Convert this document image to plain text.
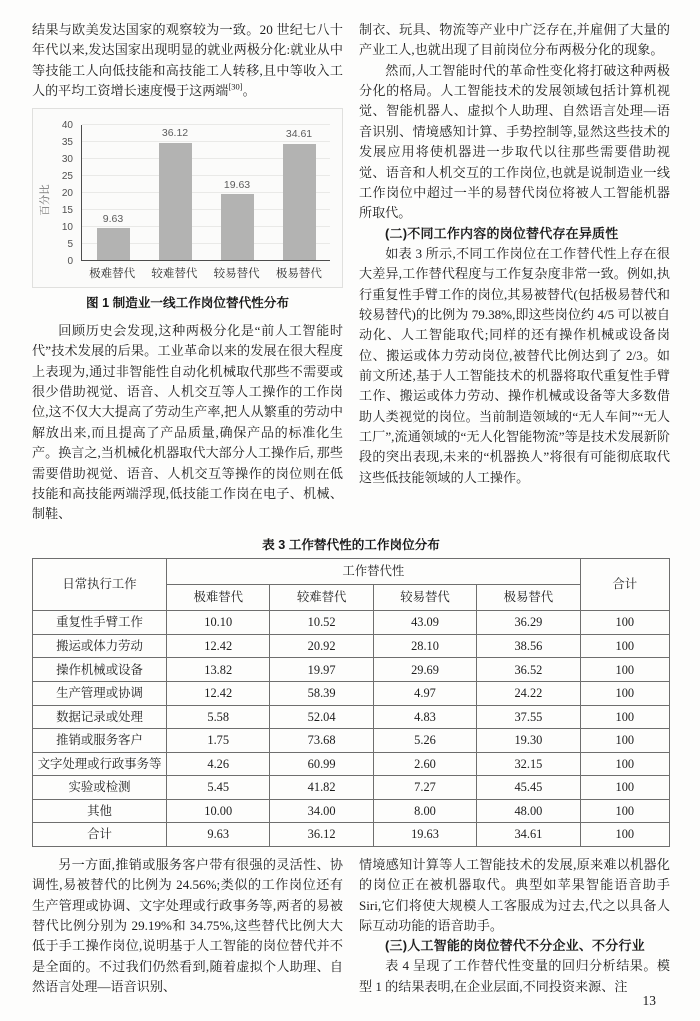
结果与欧美发达国家的观察较为一致。20 世纪七八十年代以来,发达国家出现明显的就业两极分化:就业从中等技能工人向低技能和高技能工人转移,且中等收入工人的平均工资增长速度慢于这两端[30]。

百分比
0
5
10
15
20
25
30
35
40
9.63
36.12
19.63
34.61
极难替代	较难替代	较易替代	极易替代
图 1 制造业一线工作岗位替代性分布

回顾历史会发现,这种两极分化是“前人工智能时代”技术发展的后果。工业革命以来的发展在很大程度上表现为,通过非智能性自动化机械取代那些不需要或很少借助视觉、语音、人机交互等人工操作的工作岗位,这不仅大大提高了劳动生产率,把人从繁重的劳动中解放出来,而且提高了产品质量,确保产品的标准化生产。换言之,当机械化机器取代大部分人工操作后, 那些需要借助视觉、语音、人机交互等操作的岗位则在低技能和高技能两端浮现,低技能工作岗在电子、机械、制鞋、

制衣、玩具、物流等产业中广泛存在,并雇佣了大量的产业工人,也就出现了目前岗位分布两极分化的现象。

然而,人工智能时代的革命性变化将打破这种两极分化的格局。人工智能技术的发展领域包括计算机视觉、智能机器人、虚拟个人助理、自然语言处理—语音识别、情境感知计算、手势控制等,显然这些技术的发展应用将使机器进一步取代以往那些需要借助视觉、语音和人机交互的工作岗位,也就是说制造业一线工作岗位中超过一半的易替代岗位将被人工智能机器所取代。

(二)不同工作内容的岗位替代存在异质性

如表 3 所示,不同工作岗位在工作替代性上存在很大差异,工作替代程度与工作复杂度非常一致。例如,执行重复性手臂工作的岗位,其易被替代(包括极易替代和较易替代)的比例为 79.38%,即这些岗位约 4/5 可以被自动化、人工智能取代;同样的还有操作机械或设备岗位、搬运或体力劳动岗位,被替代比例达到了 2/3。如前文所述,基于人工智能技术的机器将取代重复性手臂工作、搬运或体力劳动、操作机械或设备等大多数借助人类视觉的岗位。当前制造领域的“无人车间”“无人工厂”,流通领域的“无人化智能物流”等是技术发展新阶段的突出表现,未来的“机器换人”将很有可能彻底取代这些低技能领域的人工操作。

表 3 工作替代性的工作岗位分布
日常执行工作	工作替代性				合计
	极难替代	较难替代	较易替代	极易替代	
重复性手臂工作	10.10	10.52	43.09	36.29	100
搬运或体力劳动	12.42	20.92	28.10	38.56	100
操作机械或设备	13.82	19.97	29.69	36.52	100
生产管理或协调	12.42	58.39	4.97	24.22	100
数据记录或处理	5.58	52.04	4.83	37.55	100
推销或服务客户	1.75	73.68	5.26	19.30	100
文字处理或行政事务等	4.26	60.99	2.60	32.15	100
实验或检测	5.45	41.82	7.27	45.45	100
其他	10.00	34.00	8.00	48.00	100
合计	9.63	36.12	19.63	34.61	100

另一方面,推销或服务客户带有很强的灵活性、协调性,易被替代的比例为 24.56%;类似的工作岗位还有生产管理或协调、文字处理或行政事务等,两者的易被替代比例分别为 29.19%和 34.75%,这些替代比例大大低于手工操作岗位,说明基于人工智能的岗位替代并不是全面的。不过我们仍然看到,随着虚拟个人助理、自然语言处理—语音识别、

情境感知计算等人工智能技术的发展,原来难以机器化的岗位正在被机器取代。典型如苹果智能语音助手 Siri,它们将使大规模人工客服成为过去,代之以具备人际互动功能的语音助手。

(三)人工智能的岗位替代不分企业、不分行业

表 4 呈现了工作替代性变量的回归分析结果。模型 1 的结果表明,在企业层面,不同投资来源、注

13
